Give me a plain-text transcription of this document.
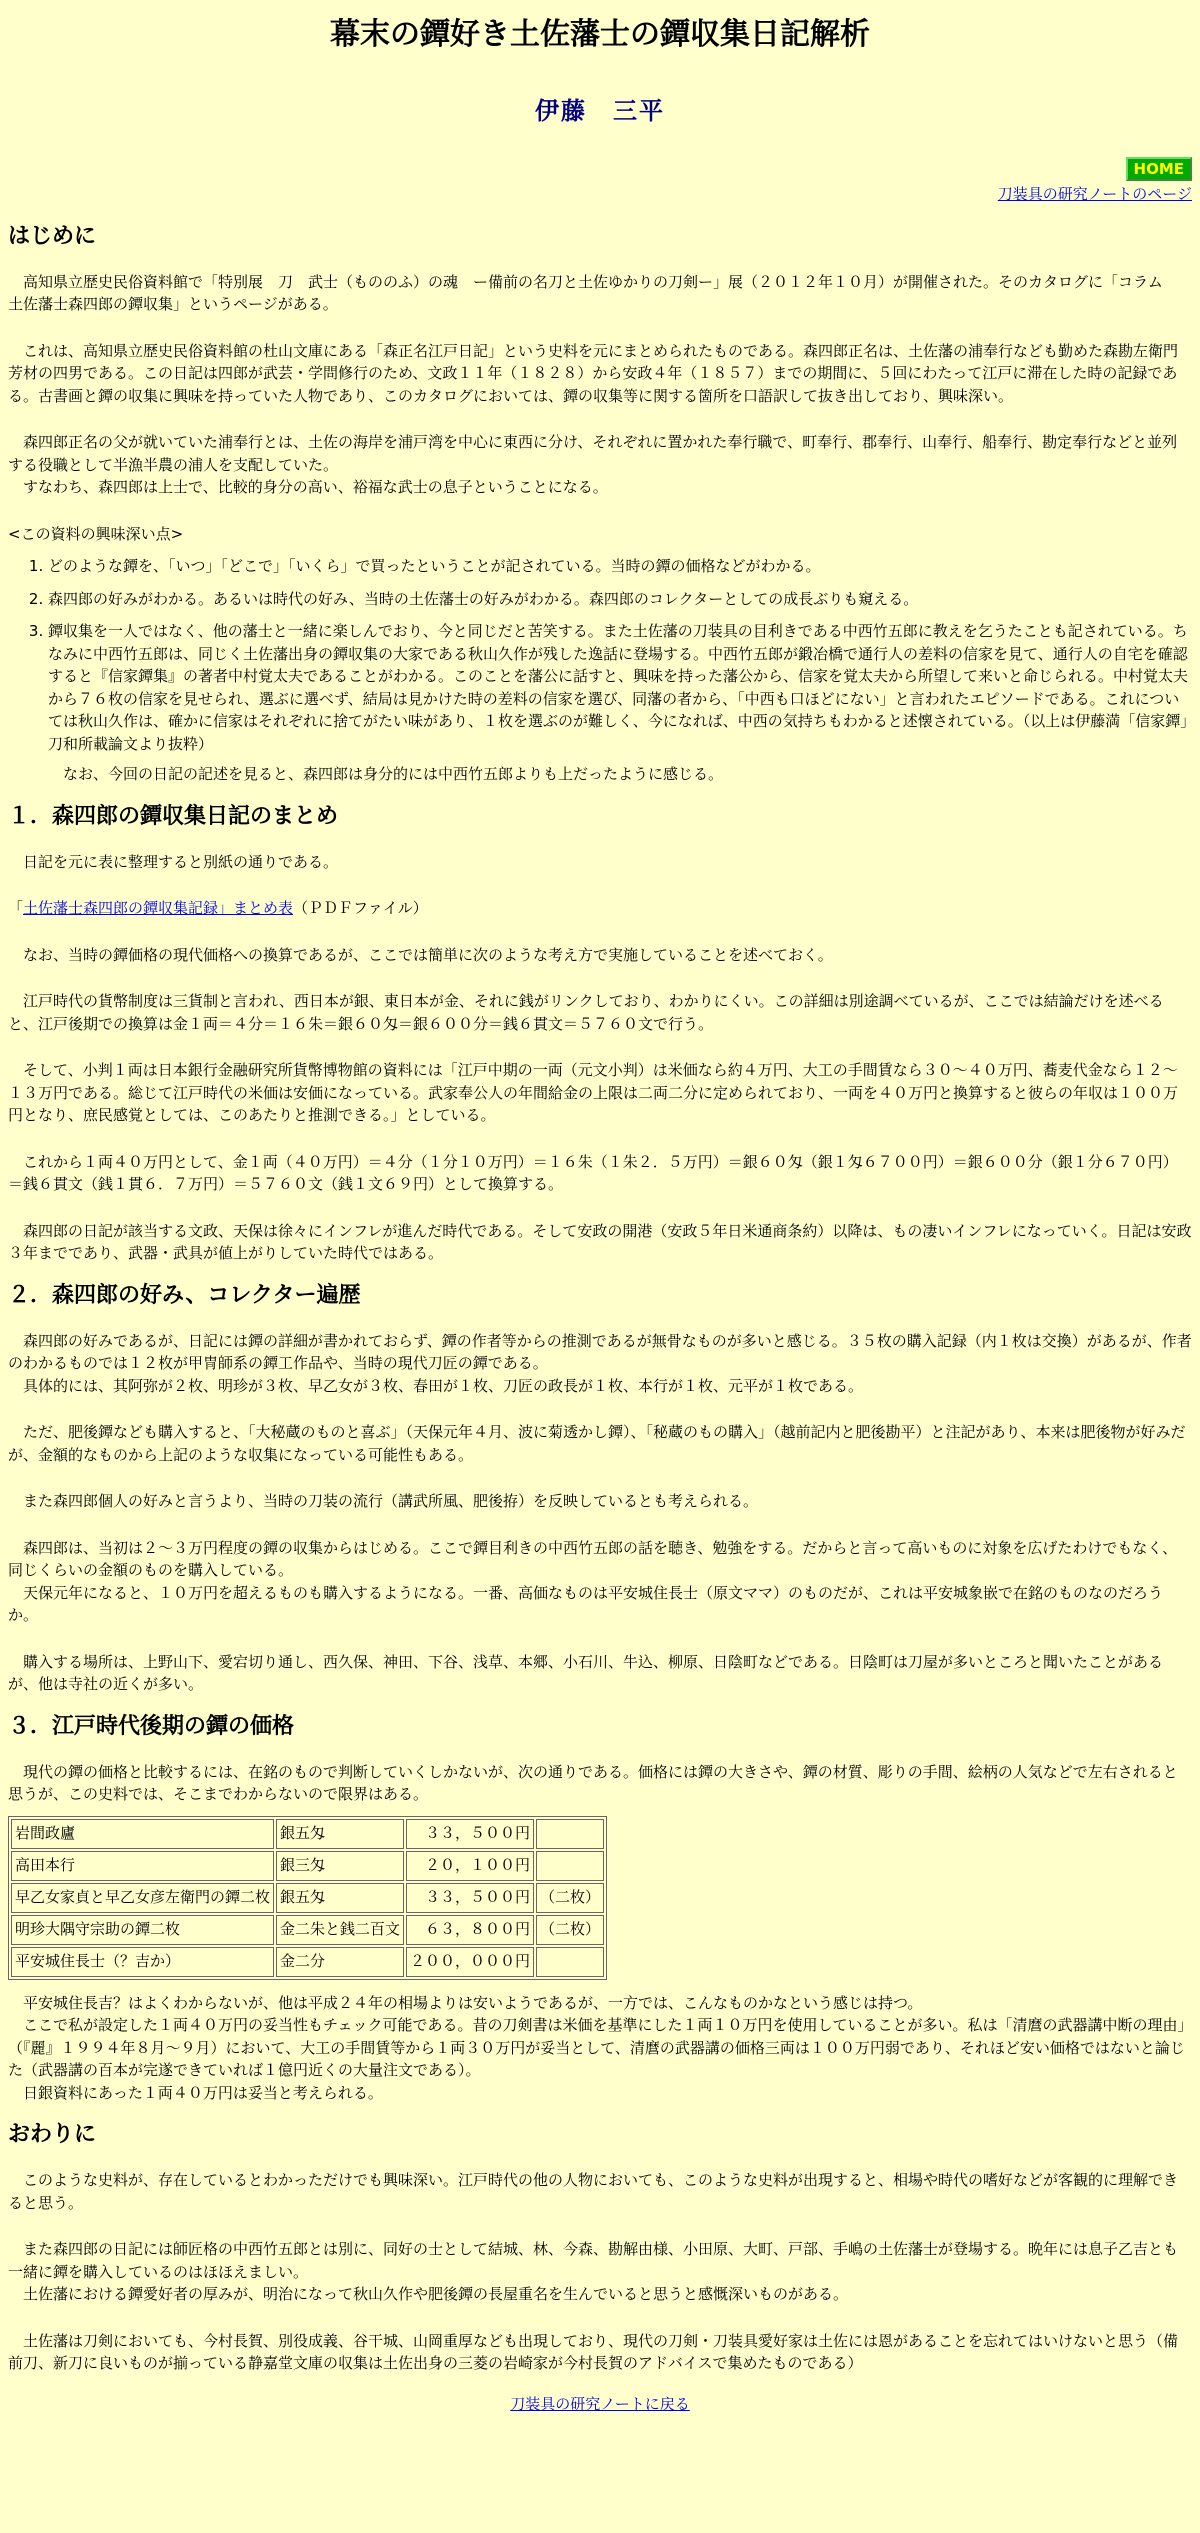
幕末の鐔好き土佐藩士の鐔収集日記解析
伊藤　三平
HOME
刀装具の研究ノートのページ
はじめに

高知県立歴史民俗資料館で「特別展　刀　武士（もののふ）の魂　ー備前の名刀と土佐ゆかりの刀剣ー」展（２０１２年１０月）が開催された。そのカタログに「コラム　土佐藩士森四郎の鐔収集」というページがある。

これは、高知県立歴史民俗資料館の杜山文庫にある「森正名江戸日記」という史料を元にまとめられたものである。森四郎正名は、土佐藩の浦奉行なども勤めた森勘左衛門芳材の四男である。この日記は四郎が武芸・学問修行のため、文政１１年（１８２８）から安政４年（１８５７）までの期間に、５回にわたって江戸に滞在した時の記録である。古書画と鐔の収集に興味を持っていた人物であり、このカタログにおいては、鐔の収集等に関する箇所を口語訳して抜き出しており、興味深い。

森四郎正名の父が就いていた浦奉行とは、土佐の海岸を浦戸湾を中心に東西に分け、それぞれに置かれた奉行職で、町奉行、郡奉行、山奉行、船奉行、勘定奉行などと並列する役職として半漁半農の浦人を支配していた。

すなわち、森四郎は上士で、比較的身分の高い、裕福な武士の息子ということになる。

<この資料の興味深い点>

1. どのような鐔を、「いつ」「どこで」「いくら」で買ったということが記されている。当時の鐔の価格などがわかる。
2. 森四郎の好みがわかる。あるいは時代の好み、当時の土佐藩士の好みがわかる。森四郎のコレクターとしての成長ぶりも窺える。
3. 鐔収集を一人ではなく、他の藩士と一緒に楽しんでおり、今と同じだと苦笑する。また土佐藩の刀装具の目利きである中西竹五郎に教えを乞うたことも記されている。ちなみに中西竹五郎は、同じく土佐藩出身の鐔収集の大家である秋山久作が残した逸話に登場する。中西竹五郎が鍛冶橋で通行人の差料の信家を見て、通行人の自宅を確認すると『信家鐔集』の著者中村覚太夫であることがわかる。このことを藩公に話すと、興味を持った藩公から、信家を覚太夫から所望して来いと命じられる。中村覚太夫から７６枚の信家を見せられ、選ぶに選べず、結局は見かけた時の差料の信家を選び、同藩の者から、「中西も口ほどにない」と言われたエピソードである。これについては秋山久作は、確かに信家はそれぞれに捨てがたい味があり、１枚を選ぶのが難しく、今になれば、中西の気持ちもわかると述懐されている。（以上は伊藤満「信家鐔」刀和所載論文より抜粋）

なお、今回の日記の記述を見ると、森四郎は身分的には中西竹五郎よりも上だったように感じる。

１．森四郎の鐔収集日記のまとめ

日記を元に表に整理すると別紙の通りである。

「土佐藩士森四郎の鐔収集記録」まとめ表（ＰＤＦファイル）

なお、当時の鐔価格の現代価格への換算であるが、ここでは簡単に次のような考え方で実施していることを述べておく。

江戸時代の貨幣制度は三貨制と言われ、西日本が銀、東日本が金、それに銭がリンクしており、わかりにくい。この詳細は別途調べているが、ここでは結論だけを述べると、江戸後期での換算は金１両＝４分＝１６朱＝銀６０匁＝銀６００分＝銭６貫文＝５７６０文で行う。

そして、小判１両は日本銀行金融研究所貨幣博物館の資料には「江戸中期の一両（元文小判）は米価なら約４万円、大工の手間賃なら３０〜４０万円、蕎麦代金なら１２〜１３万円である。総じて江戸時代の米価は安価になっている。武家奉公人の年間給金の上限は二両二分に定められており、一両を４０万円と換算すると彼らの年収は１００万円となり、庶民感覚としては、このあたりと推測できる。」としている。

これから１両４０万円として、金１両（４０万円）＝４分（１分１０万円）＝１６朱（１朱２．５万円）＝銀６０匁（銀１匁６７００円）＝銀６００分（銀１分６７０円）＝銭６貫文（銭１貫６．７万円）＝５７６０文（銭１文６９円）として換算する。

森四郎の日記が該当する文政、天保は徐々にインフレが進んだ時代である。そして安政の開港（安政５年日米通商条約）以降は、もの凄いインフレになっていく。日記は安政３年までであり、武器・武具が値上がりしていた時代ではある。

２．森四郎の好み、コレクター遍歴

森四郎の好みであるが、日記には鐔の詳細が書かれておらず、鐔の作者等からの推測であるが無骨なものが多いと感じる。３５枚の購入記録（内１枚は交換）があるが、作者のわかるものでは１２枚が甲冑師系の鐔工作品や、当時の現代刀匠の鐔である。

具体的には、其阿弥が２枚、明珍が３枚、早乙女が３枚、春田が１枚、刀匠の政長が１枚、本行が１枚、元平が１枚である。

ただ、肥後鐔なども購入すると、「大秘蔵のものと喜ぶ」（天保元年４月、波に菊透かし鐔）、「秘蔵のもの購入」（越前記内と肥後勘平）と注記があり、本来は肥後物が好みだが、金額的なものから上記のような収集になっている可能性もある。

また森四郎個人の好みと言うより、当時の刀装の流行（講武所風、肥後拵）を反映しているとも考えられる。

森四郎は、当初は２〜３万円程度の鐔の収集からはじめる。ここで鐔目利きの中西竹五郎の話を聴き、勉強をする。だからと言って高いものに対象を広げたわけでもなく、同じくらいの金額のものを購入している。

天保元年になると、１０万円を超えるものも購入するようになる。一番、高価なものは平安城住長士（原文ママ）のものだが、これは平安城象嵌で在銘のものなのだろうか。

購入する場所は、上野山下、愛宕切り通し、西久保、神田、下谷、浅草、本郷、小石川、牛込、柳原、日陰町などである。日陰町は刀屋が多いところと聞いたことがあるが、他は寺社の近くが多い。

３．江戸時代後期の鐔の価格

現代の鐔の価格と比較するには、在銘のもので判断していくしかないが、次の通りである。価格には鐔の大きさや、鐔の材質、彫りの手間、絵柄の人気などで左右されると思うが、この史料では、そこまでわからないので限界はある。

岩間政廬	銀五匁	３３，５００円	
高田本行	銀三匁	２０，１００円	
早乙女家貞と早乙女彦左衛門の鐔二枚	銀五匁	３３，５００円	（二枚）
明珍大隅守宗助の鐔二枚	金二朱と銭二百文	６３，８００円	（二枚）
平安城住長士（？吉か）	金二分	２００，０００円	

平安城住長吉？はよくわからないが、他は平成２４年の相場よりは安いようであるが、一方では、こんなものかなという感じは持つ。

ここで私が設定した１両４０万円の妥当性もチェック可能である。昔の刀剣書は米価を基準にした１両１０万円を使用していることが多い。私は「清麿の武器講中断の理由」（『麗』１９９４年８月〜９月）において、大工の手間賃等から１両３０万円が妥当として、清麿の武器講の価格三両は１００万円弱であり、それほど安い価格ではないと論じた（武器講の百本が完遂できていれば１億円近くの大量注文である）。

日銀資料にあった１両４０万円は妥当と考えられる。

おわりに

このような史料が、存在しているとわかっただけでも興味深い。江戸時代の他の人物においても、このような史料が出現すると、相場や時代の嗜好などが客観的に理解できると思う。

また森四郎の日記には師匠格の中西竹五郎とは別に、同好の士として結城、林、今森、勘解由様、小田原、大町、戸部、手嶋の土佐藩士が登場する。晩年には息子乙吉とも一緒に鐔を購入しているのはほほえましい。

土佐藩における鐔愛好者の厚みが、明治になって秋山久作や肥後鐔の長屋重名を生んでいると思うと感慨深いものがある。

土佐藩は刀剣においても、今村長賀、別役成義、谷干城、山岡重厚なども出現しており、現代の刀剣・刀装具愛好家は土佐には恩があることを忘れてはいけないと思う（備前刀、新刀に良いものが揃っている静嘉堂文庫の収集は土佐出身の三菱の岩崎家が今村長賀のアドバイスで集めたものである）

刀装具の研究ノートに戻る
